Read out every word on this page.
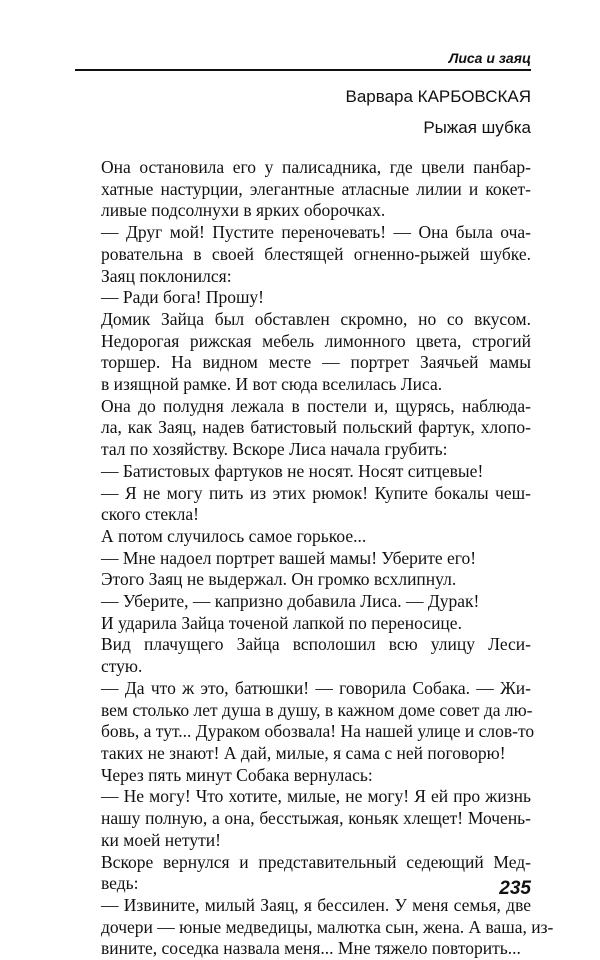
Лиса и заяц
Варвара КАРБОВСКАЯ
Рыжая шубка
Она остановила его у палисадника, где цвели панбар-
хатные настурции, элегантные атласные лилии и кокет-
ливые подсолнухи в ярких оборочках.
— Друг мой! Пустите переночевать! — Она была оча-
ровательна в своей блестящей огненно-рыжей шубке.
Заяц поклонился:
— Ради бога! Прошу!
Домик Зайца был обставлен скромно, но со вкусом.
Недорогая рижская мебель лимонного цвета, строгий
торшер. На видном месте — портрет Заячьей мамы
в изящной рамке. И вот сюда вселилась Лиса.
Она до полудня лежала в постели и, щурясь, наблюда-
ла, как Заяц, надев батистовый польский фартук, хлопо-
тал по хозяйству. Вскоре Лиса начала грубить:
— Батистовых фартуков не носят. Носят ситцевые!
— Я не могу пить из этих рюмок! Купите бокалы чеш-
ского стекла!
А потом случилось самое горькое...
— Мне надоел портрет вашей мамы! Уберите его!
Этого Заяц не выдержал. Он громко всхлипнул.
— Уберите, — капризно добавила Лиса. — Дурак!
И ударила Зайца точеной лапкой по переносице.
Вид плачущего Зайца всполошил всю улицу Леси-
стую.
— Да что ж это, батюшки! — говорила Собака. — Жи-
вем столько лет душа в душу, в кажном доме совет да лю-
бовь, а тут... Дураком обозвала! На нашей улице и слов-то
таких не знают! А дай, милые, я сама с ней поговорю!
Через пять минут Собака вернулась:
— Не могу! Что хотите, милые, не могу! Я ей про жизнь
нашу полную, а она, бесстыжая, коньяк хлещет! Мочень-
ки моей нетути!
Вскоре вернулся и представительный седеющий Мед-
ведь:
— Извините, милый Заяц, я бессилен. У меня семья, две
дочери — юные медведицы, малютка сын, жена. А ваша, из-
вините, соседка назвала меня... Мне тяжело повторить...
235
